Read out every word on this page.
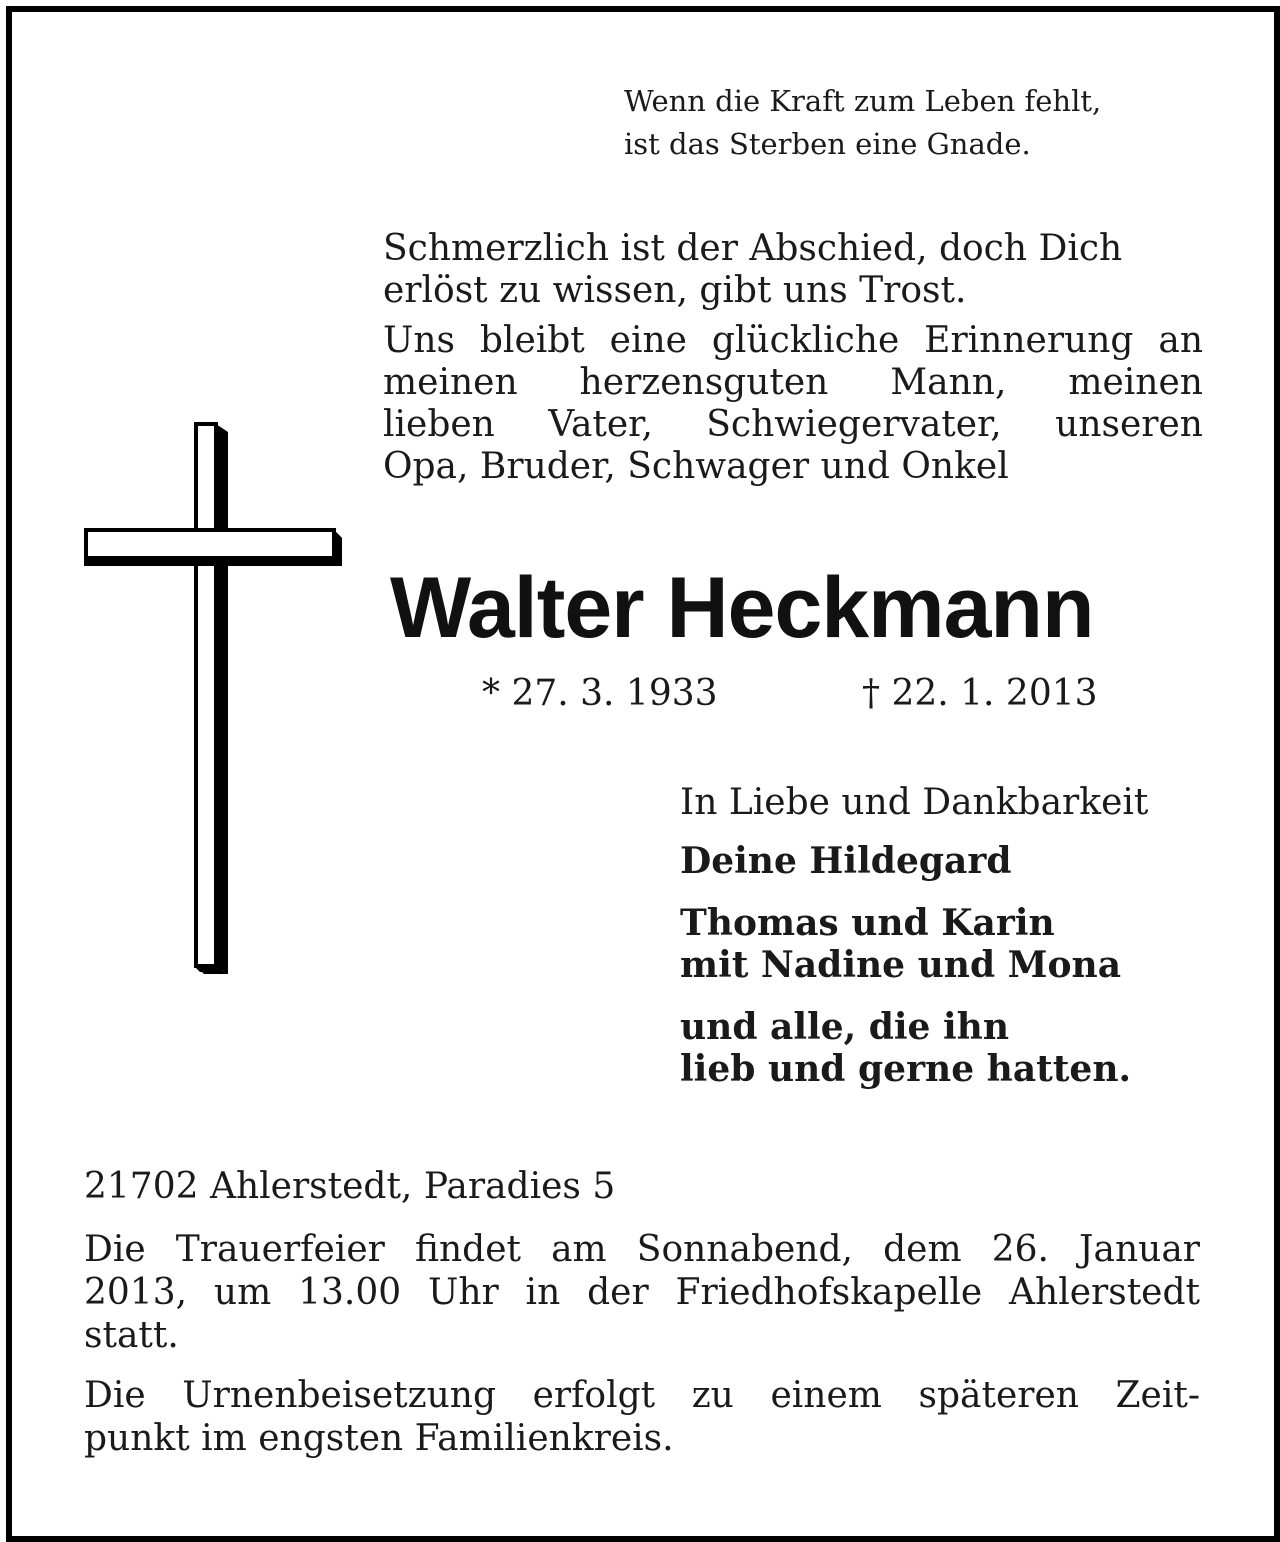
Wenn die Kraft zum Leben fehlt,
ist das Sterben eine Gnade.
Schmerzlich ist der Abschied, doch Dich
erlöst zu wissen, gibt uns Trost.
Uns bleibt eine glückliche Erinnerung an
meinen herzensguten Mann, meinen
lieben Vater, Schwiegervater, unseren
Opa, Bruder, Schwager und Onkel
Walter Heckmann
* 27. 3. 1933	† 22. 1. 2013
In Liebe und Dankbarkeit
Deine Hildegard
Thomas und Karin
mit Nadine und Mona
und alle, die ihn
lieb und gerne hatten.
21702 Ahlerstedt, Paradies 5
Die Trauerfeier findet am Sonnabend, dem 26. Januar
2013, um 13.00 Uhr in der Friedhofskapelle Ahlerstedt
statt.
Die Urnenbeisetzung erfolgt zu einem späteren Zeit-
punkt im engsten Familienkreis.
